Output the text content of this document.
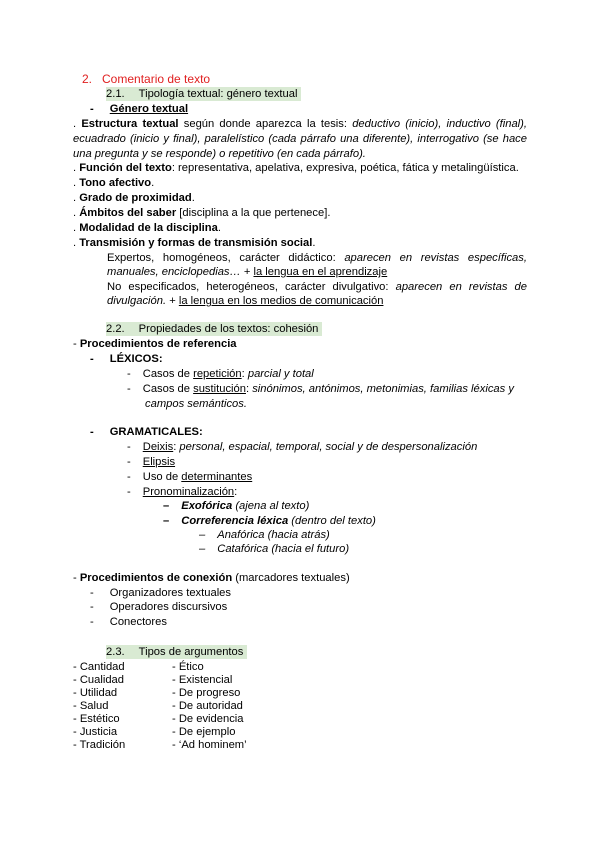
2. Comentario de texto
2.1. Tipología textual: género textual
- Género textual
. Estructura textual según donde aparezca la tesis: deductivo (inicio), inductivo (final),
ecuadrado (inicio y final), paralelístico (cada párrafo una diferente), interrogativo (se hace
una pregunta y se responde) o repetitivo (en cada párrafo).
. Función del texto: representativa, apelativa, expresiva, poética, fática y metalingüística.
. Tono afectivo.
. Grado de proximidad.
. Ámbitos del saber [disciplina a la que pertenece].
. Modalidad de la disciplina.
. Transmisión y formas de transmisión social.
Expertos, homogéneos, carácter didáctico: aparecen en revistas específicas,
manuales, enciclopedias… + la lengua en el aprendizaje
No especificados, heterogéneos, carácter divulgativo: aparecen en revistas de
divulgación. + la lengua en los medios de comunicación
2.2. Propiedades de los textos: cohesión
- Procedimientos de referencia
- LÉXICOS:
- Casos de repetición: parcial y total
- Casos de sustitución: sinónimos, antónimos, metonimias, familias léxicas y
campos semánticos.
- GRAMATICALES:
- Deixis: personal, espacial, temporal, social y de despersonalización
- Elipsis
- Uso de determinantes
- Pronominalización:
– Exofórica (ajena al texto)
– Correferencia léxica (dentro del texto)
– Anafórica (hacia atrás)
– Catafórica (hacia el futuro)
- Procedimientos de conexión (marcadores textuales)
- Organizadores textuales
- Operadores discursivos
- Conectores
2.3. Tipos de argumentos
- Cantidad
- Cualidad
- Utilidad
- Salud
- Estético
- Justicia
- Tradición
- Ético
- Existencial
- De progreso
- De autoridad
- De evidencia
- De ejemplo
- ‘Ad hominem’
